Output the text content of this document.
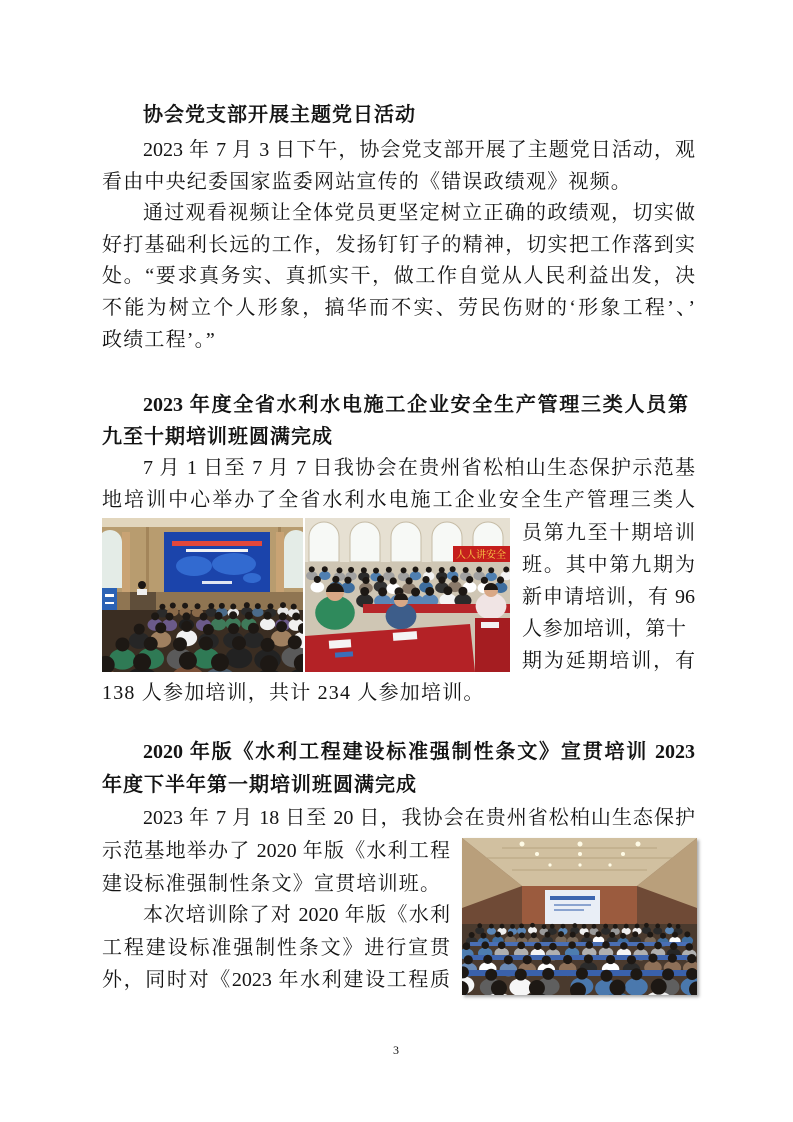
协会党支部开展主题党日活动
2023 年 7 月 3 日下午，协会党支部开展了主题党日活动，观
看由中央纪委国家监委网站宣传的《错误政绩观》视频。
通过观看视频让全体党员更坚定树立正确的政绩观，切实做
好打基础利长远的工作，发扬钉钉子的精神，切实把工作落到实
处。“要求真务实、真抓实干，做工作自觉从人民利益出发，决
不能为树立个人形象，搞华而不实、劳民伤财的‘形象工程’、’
政绩工程’。”
2023 年度全省水利水电施工企业安全生产管理三类人员第
九至十期培训班圆满完成
7 月 1 日至 7 月 7 日我协会在贵州省松柏山生态保护示范基
地培训中心举办了全省水利水电施工企业安全生产管理三类人
员第九至十期培训
班。其中第九期为
新申请培训，有 96
人参加培训，第十
期为延期培训，有
138 人参加培训，共计 234 人参加培训。
人人讲安全
2020 年版《水利工程建设标准强制性条文》宣贯培训 2023
年度下半年第一期培训班圆满完成
2023 年 7 月 18 日至 20 日，我协会在贵州省松柏山生态保护
示范基地举办了 2020 年版《水利工程
建设标准强制性条文》宣贯培训班。
本次培训除了对 2020 年版《水利
工程建设标准强制性条文》进行宣贯
外，同时对《2023 年水利建设工程质
3
